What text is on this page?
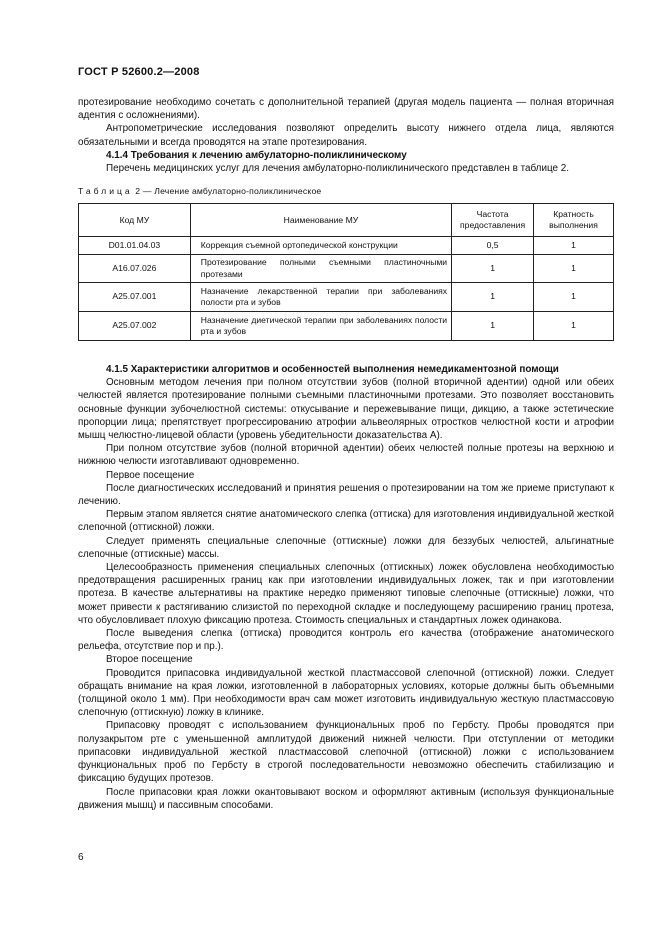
ГОСТ Р 52600.2—2008

протезирование необходимо сочетать с дополнительной терапией (другая модель пациента — полная вторичная адентия с осложнениями).

Антропометрические исследования позволяют определить высоту нижнего отдела лица, являются обязательными и всегда проводятся на этапе протезирования.

4.1.4 Требования к лечению амбулаторно-поликлиническому

Перечень медицинских услуг для лечения амбулаторно-поликлинического представлен в таблице 2.

Таблица 2 — Лечение амбулаторно-поликлиническое
Код МУ	Наименование МУ	Частота предоставления	Кратность выполнения
D01.01.04.03	Коррекция съемной ортопедической конструкции	0,5	1
A16.07.026	Протезирование полными съемными пластиночными протезами	1	1
A25.07.001	Назначение лекарственной терапии при заболеваниях полости рта и зубов	1	1
A25.07.002	Назначение диетической терапии при заболеваниях полости рта и зубов	1	1

4.1.5 Характеристики алгоритмов и особенностей выполнения немедикаментозной помощи

Основным методом лечения при полном отсутствии зубов (полной вторичной адентии) одной или обеих челюстей является протезирование полными съемными пластиночными протезами. Это позволяет восстановить основные функции зубочелюстной системы: откусывание и пережевывание пищи, дикцию, а также эстетические пропорции лица; препятствует прогрессированию атрофии альвеолярных отростков челюстной кости и атрофии мышц челюстно-лицевой области (уровень убедительности доказательства А).

При полном отсутствие зубов (полной вторичной адентии) обеих челюстей полные протезы на верхнюю и нижнюю челюсти изготавливают одновременно.

Первое посещение

После диагностических исследований и принятия решения о протезировании на том же приеме приступают к лечению.

Первым этапом является снятие анатомического слепка (оттиска) для изготовления индивидуальной жесткой слепочной (оттискной) ложки.

Следует применять специальные слепочные (оттискные) ложки для беззубых челюстей, альгинатные слепочные (оттискные) массы.

Целесообразность применения специальных слепочных (оттискных) ложек обусловлена необходимостью предотвращения расширенных границ как при изготовлении индивидуальных ложек, так и при изготовлении протеза. В качестве альтернативы на практике нередко применяют типовые слепочные (оттискные) ложки, что может привести к растягиванию слизистой по переходной складке и последующему расширению границ протеза, что обусловливает плохую фиксацию протеза. Стоимость специальных и стандартных ложек одинакова.

После выведения слепка (оттиска) проводится контроль его качества (отображение анатомического рельефа, отсутствие пор и пр.).

Второе посещение

Проводится припасовка индивидуальной жесткой пластмассовой слепочной (оттискной) ложки. Следует обращать внимание на края ложки, изготовленной в лабораторных условиях, которые должны быть объемными (толщиной около 1 мм). При необходимости врач сам может изготовить индивидуальную жесткую пластмассовую слепочную (оттискную) ложку в клинике.

Припасовку проводят с использованием функциональных проб по Гербсту. Пробы проводятся при полузакрытом рте с уменьшенной амплитудой движений нижней челюсти. При отступлении от методики припасовки индивидуальной жесткой пластмассовой слепочной (оттискной) ложки с использованием функциональных проб по Гербсту в строгой последовательности невозможно обеспечить стабилизацию и фиксацию будущих протезов.

После припасовки края ложки окантовывают воском и оформляют активным (используя функциональные движения мышц) и пассивным способами.

6
